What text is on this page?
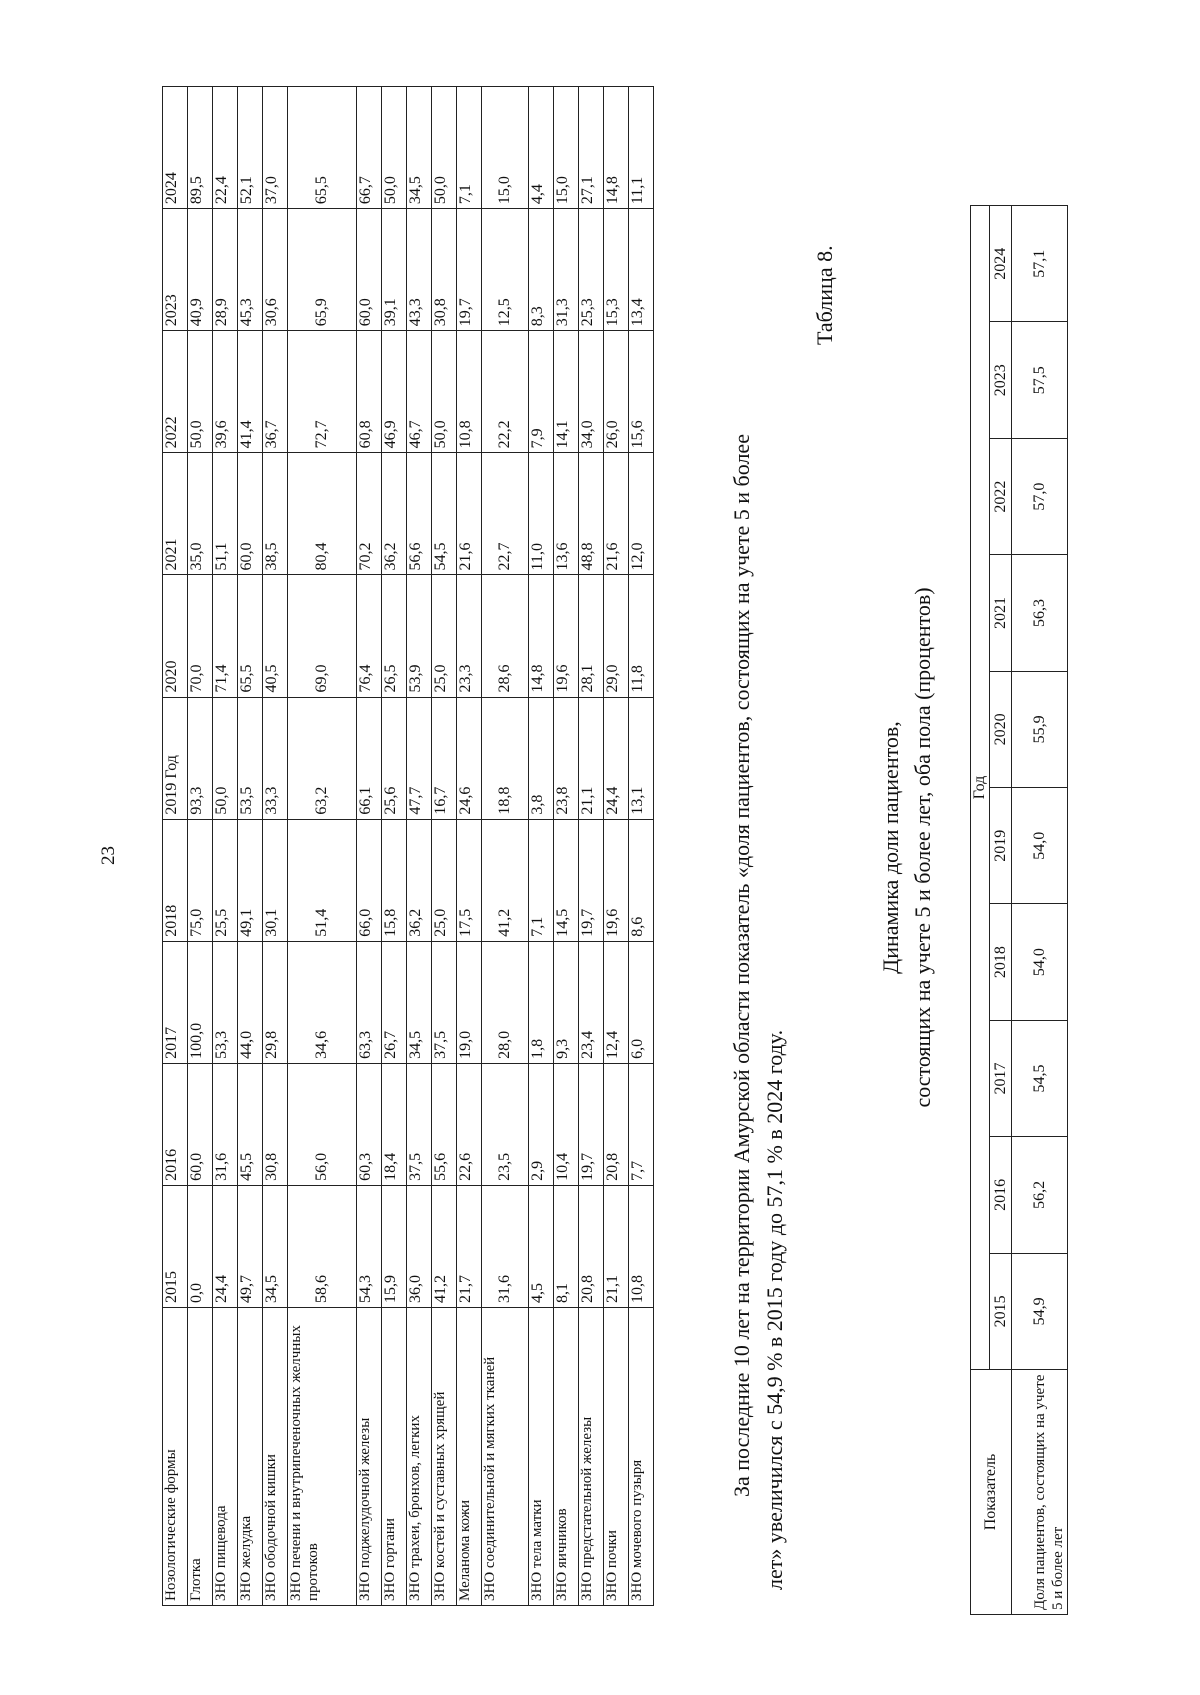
23
Нозологические формы	2015	2016	2017	2018	2019 Год	2020	2021	2022	2023	2024
Глотка	0,0	60,0	100,0	75,0	93,3	70,0	35,0	50,0	40,9	89,5
ЗНО пищевода	24,4	31,6	53,3	25,5	50,0	71,4	51,1	39,6	28,9	22,4
ЗНО желудка	49,7	45,5	44,0	49,1	53,5	65,5	60,0	41,4	45,3	52,1
ЗНО ободочной кишки	34,5	30,8	29,8	30,1	33,3	40,5	38,5	36,7	30,6	37,0
ЗНО печени и внутрипеченочных желчных протоков	58,6	56,0	34,6	51,4	63,2	69,0	80,4	72,7	65,9	65,5
ЗНО поджелудочной железы	54,3	60,3	63,3	66,0	66,1	76,4	70,2	60,8	60,0	66,7
ЗНО гортани	15,9	18,4	26,7	15,8	25,6	26,5	36,2	46,9	39,1	50,0
ЗНО трахеи, бронхов, легких	36,0	37,5	34,5	36,2	47,7	53,9	56,6	46,7	43,3	34,5
ЗНО костей и суставных хрящей	41,2	55,6	37,5	25,0	16,7	25,0	54,5	50,0	30,8	50,0
Меланома кожи	21,7	22,6	19,0	17,5	24,6	23,3	21,6	10,8	19,7	7,1
ЗНО соединительной и мягких тканей	31,6	23,5	28,0	41,2	18,8	28,6	22,7	22,2	12,5	15,0
ЗНО тела матки	4,5	2,9	1,8	7,1	3,8	14,8	11,0	7,9	8,3	4,4
ЗНО яичников	8,1	10,4	9,3	14,5	23,8	19,6	13,6	14,1	31,3	15,0
ЗНО предстательной железы	20,8	19,7	23,4	19,7	21,1	28,1	48,8	34,0	25,3	27,1
ЗНО почки	21,1	20,8	12,4	19,6	24,4	29,0	21,6	26,0	15,3	14,8
ЗНО мочевого пузыря	10,8	7,7	6,0	8,6	13,1	11,8	12,0	15,6	13,4	11,1

За последние 10 лет на территории Амурской области показатель «доля пациентов, состоящих на учете 5 и более лет» увеличился с 54,9 % в 2015 году до 57,1 % в 2024 году.
Таблица 8.
Динамика доли пациентов, состоящих на учете 5 и более лет, оба пола (процентов)
Показатель	Год									
	2015	2016	2017	2018	2019	2020	2021	2022	2023	2024
Доля пациентов, состоящих на учете 5 и более лет	54,9	56,2	54,5	54,0	54,0	55,9	56,3	57,0	57,5	57,1
